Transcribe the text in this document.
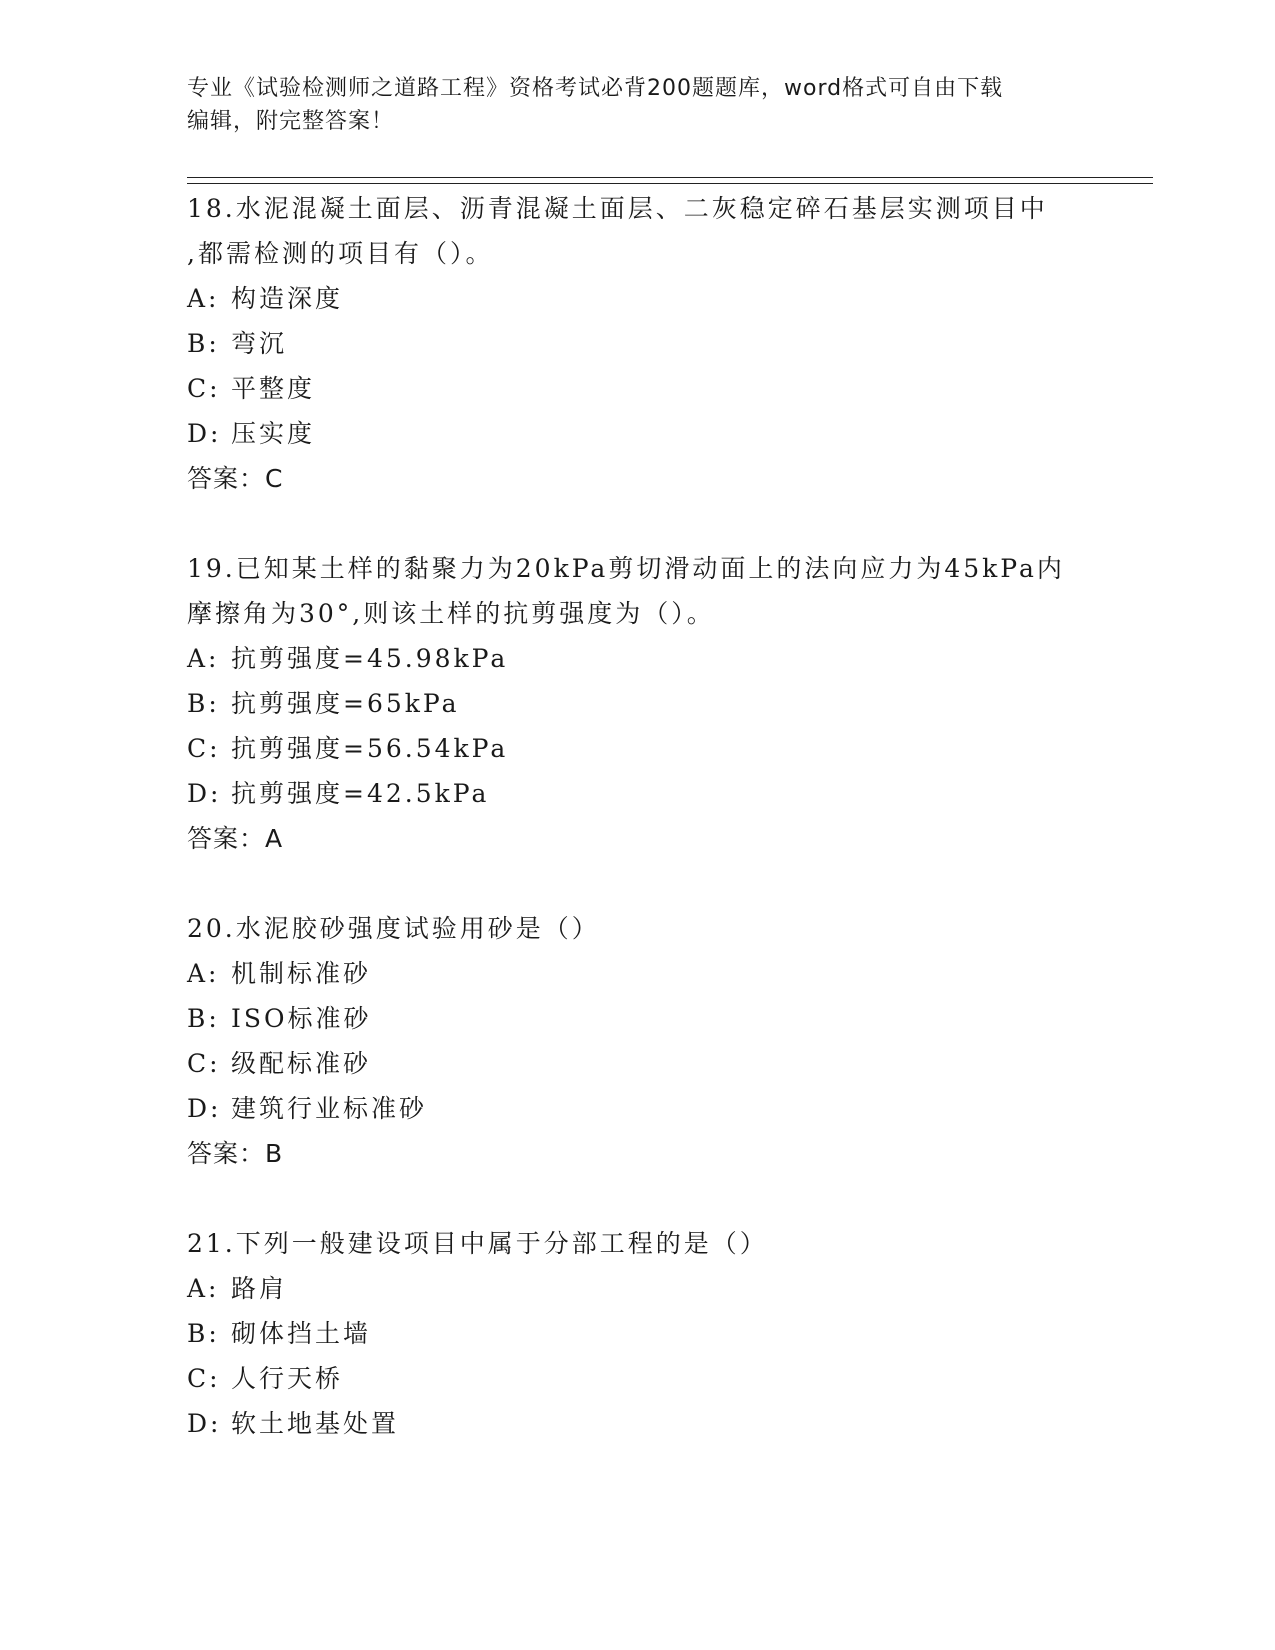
专业《试验检测师之道路工程》资格考试必背200题题库，word格式可自由下载
编辑，附完整答案！

18.水泥混凝土面层、沥青混凝土面层、二灰稳定碎石基层实测项目中

,都需检测的项目有（）。

A: 构造深度

B: 弯沉

C: 平整度

D: 压实度

答案：C

19.已知某土样的黏聚力为20kPa剪切滑动面上的法向应力为45kPa内

摩擦角为30°,则该土样的抗剪强度为（）。

A: 抗剪强度=45.98kPa

B: 抗剪强度=65kPa

C: 抗剪强度=56.54kPa

D: 抗剪强度=42.5kPa

答案：A

20.水泥胶砂强度试验用砂是（）

A: 机制标准砂

B: ISO标准砂

C: 级配标准砂

D: 建筑行业标准砂

答案：B

21.下列一般建设项目中属于分部工程的是（）

A: 路肩

B: 砌体挡土墙

C: 人行天桥

D: 软土地基处置
